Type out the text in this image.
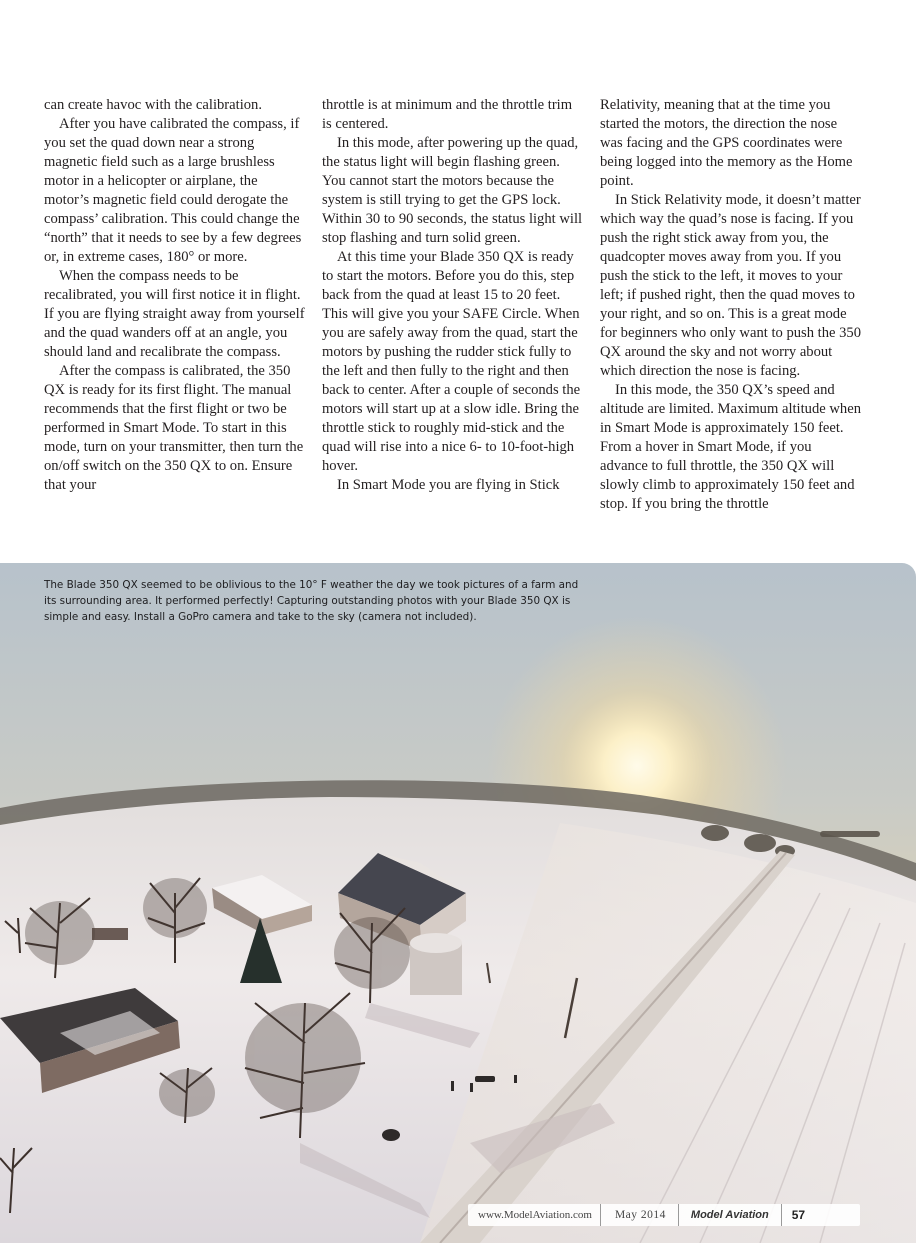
can create havoc with the calibration.

After you have calibrated the compass, if you set the quad down near a strong magnetic field such as a large brushless motor in a helicopter or airplane, the motor’s magnetic field could derogate the compass’ calibration. This could change the “north” that it needs to see by a few degrees or, in extreme cases, 180° or more.

When the compass needs to be recalibrated, you will first notice it in flight. If you are flying straight away from yourself and the quad wanders off at an angle, you should land and recalibrate the compass.

After the compass is calibrated, the 350 QX is ready for its first flight. The manual recommends that the first flight or two be performed in Smart Mode. To start in this mode, turn on your transmitter, then turn the on/off switch on the 350 QX to on. Ensure that your

throttle is at minimum and the throttle trim is centered.

In this mode, after powering up the quad, the status light will begin flashing green. You cannot start the motors because the system is still trying to get the GPS lock. Within 30 to 90 seconds, the status light will stop flashing and turn solid green.

At this time your Blade 350 QX is ready to start the motors. Before you do this, step back from the quad at least 15 to 20 feet. This will give you your SAFE Circle. When you are safely away from the quad, start the motors by pushing the rudder stick fully to the left and then fully to the right and then back to center. After a couple of seconds the motors will start up at a slow idle. Bring the throttle stick to roughly mid-stick and the quad will rise into a nice 6- to 10-foot-high hover.

In Smart Mode you are flying in Stick

Relativity, meaning that at the time you started the motors, the direction the nose was facing and the GPS coordinates were being logged into the memory as the Home point.

In Stick Relativity mode, it doesn’t matter which way the quad’s nose is facing. If you push the right stick away from you, the quadcopter moves away from you. If you push the stick to the left, it moves to your left; if pushed right, then the quad moves to your right, and so on. This is a great mode for beginners who only want to push the 350 QX around the sky and not worry about which direction the nose is facing.

In this mode, the 350 QX’s speed and altitude are limited. Maximum altitude when in Smart Mode is approximately 150 feet. From a hover in Smart Mode, if you advance to full throttle, the 350 QX will slowly climb to approximately 150 feet and stop. If you bring the throttle

The Blade 350 QX seemed to be oblivious to the 10° F weather the day we took pictures of a farm and its surrounding area. It performed perfectly! Capturing outstanding photos with your Blade 350 QX is simple and easy. Install a GoPro camera and take to the sky (camera not included).
www.ModelAviation.com	May 2014	Model Aviation	57
